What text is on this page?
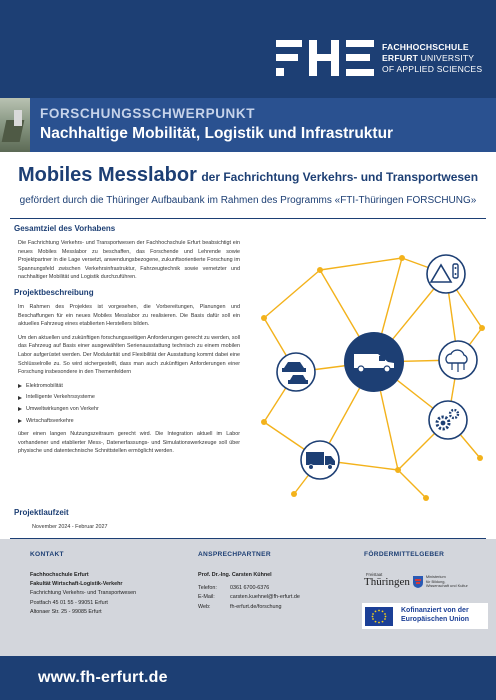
FACHHOCHSCHULE
ERFURT UNIVERSITY
OF APPLIED SCIENCES
FORSCHUNGSSCHWERPUNKT
Nachhaltige Mobilität, Logistik und Infrastruktur
Mobiles Messlabor der Fachrichtung Verkehrs- und Transportwesen
gefördert durch die Thüringer Aufbaubank im Rahmen des Programms «FTI-Thüringen FORSCHUNG»
Gesamtziel des Vorhabens

Die Fachrichtung Verkehrs- und Transportwesen der Fachhochschule Erfurt beabsichtigt ein neues Mobiles Messlabor zu beschaffen, das Forschende und Lehrende sowie Projektpartner in die Lage versetzt, anwendungsbezogene, zukunftsorientierte Forschung im Spannungsfeld zwischen Verkehrsinfrastruktur, Fahrzeugtechnik sowie vernetzter und nachhaltiger Mobilität und Logistik durchzuführen.

Projektbeschreibung

Im Rahmen des Projektes ist vorgesehen, die Vorbereitungen, Planungen und Beschaffungen für ein neues Mobiles Messlabor zu realisieren. Die Basis dafür soll ein aktuelles Fahrzeug eines etablierten Herstellers bilden.

Um den aktuellen und zukünftigen forschungsseitigen Anforderungen gerecht zu werden, soll das Fahrzeug auf Basis einer ausgewählten Serienausstattung technisch zu einem mobilen Labor aufgerüstet werden. Der Modularität und Flexibilität der Ausstattung kommt dabei eine Schlüsselrolle zu. So wird sichergestellt, dass man auch zukünftigen Anforderungen einer Forschung insbesondere in den Themenfeldern

Elektromobilität
Intelligente Verkehrssysteme
Umweltwirkungen von Verkehr
Wirtschaftsverkehre

über einen langen Nutzungszeitraum gerecht wird. Die Integration aktuell im Labor vorhandener und etablierter Mess-, Datenerfassungs- und Simulationswerkzeuge soll über physische und datentechnische Schnittstellen ermöglicht werden.

Projektlaufzeit
November 2024 - Februar 2027
KONTAKT	ANSPRECHPARTNER	FÖRDERMITTELGEBER
Fachhochschule Erfurt
Fakultät Wirtschaft-Logistik-Verkehr
Fachrichtung Verkehrs- und Transportwesen
Postfach 45 01 55 - 99051 Erfurt
Altonaer Str. 25 - 99085 Erfurt
Prof. Dr.-Ing. Carsten Kühnel
Telefon:	0361 6700-6376
E-Mail:	carsten.kuehnel@fh-erfurt.de
Web:	fh-erfurt.de/forschung
Freistaat
Thüringen	Ministerium
für Bildung,
Wissenschaft und Kultur
Kofinanziert von der
Europäischen Union
www.fh-erfurt.de
